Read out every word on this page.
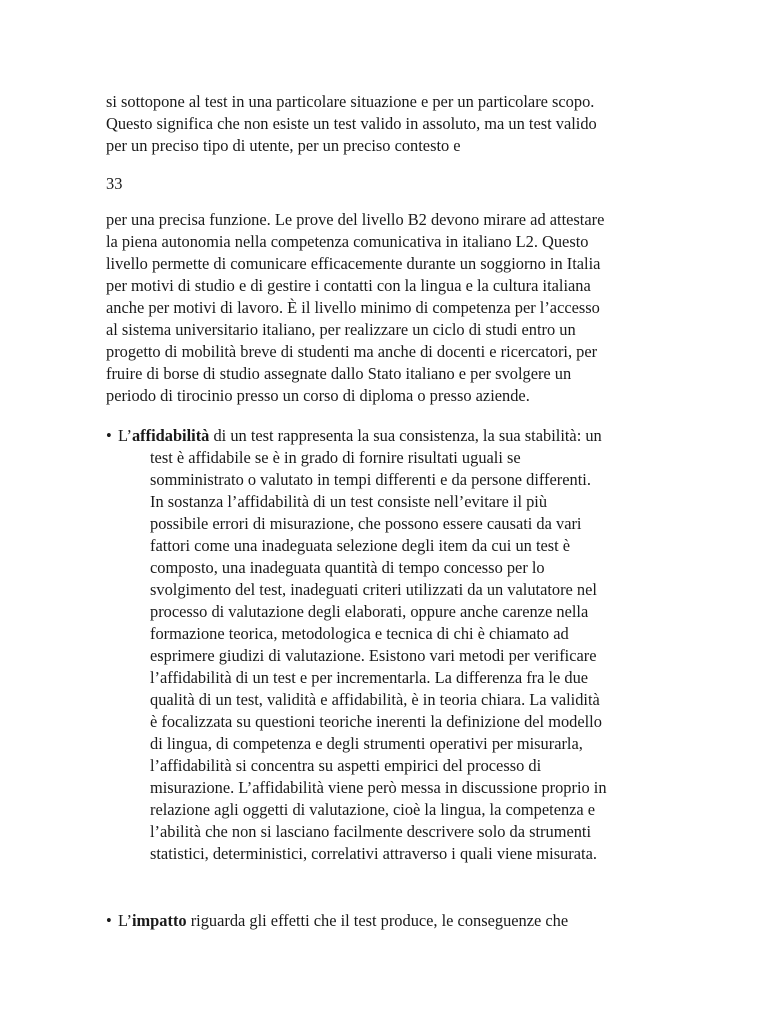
si sottopone al test in una particolare situazione e per un particolare scopo.
Questo significa che non esiste un test valido in assoluto, ma un test valido
per un preciso tipo di utente, per un preciso contesto e
33
per una precisa funzione. Le prove del livello B2 devono mirare ad attestare
la piena autonomia nella competenza comunicativa in italiano L2. Questo
livello permette di comunicare efficacemente durante un soggiorno in Italia
per motivi di studio e di gestire i contatti con la lingua e la cultura italiana
anche per motivi di lavoro. È il livello minimo di competenza per l’accesso
al sistema universitario italiano, per realizzare un ciclo di studi entro un
progetto di mobilità breve di studenti ma anche di docenti e ricercatori, per
fruire di borse di studio assegnate dallo Stato italiano e per svolgere un
periodo di tirocinio presso un corso di diploma o presso aziende.
• L’affidabilità di un test rappresenta la sua consistenza, la sua stabilità: un
test è affidabile se è in grado di fornire risultati uguali se
somministrato o valutato in tempi differenti e da persone differenti.
In sostanza l’affidabilità di un test consiste nell’evitare il più
possibile errori di misurazione, che possono essere causati da vari
fattori come una inadeguata selezione degli item da cui un test è
composto, una inadeguata quantità di tempo concesso per lo
svolgimento del test, inadeguati criteri utilizzati da un valutatore nel
processo di valutazione degli elaborati, oppure anche carenze nella
formazione teorica, metodologica e tecnica di chi è chiamato ad
esprimere giudizi di valutazione. Esistono vari metodi per verificare
l’affidabilità di un test e per incrementarla. La differenza fra le due
qualità di un test, validità e affidabilità, è in teoria chiara. La validità
è focalizzata su questioni teoriche inerenti la definizione del modello
di lingua, di competenza e degli strumenti operativi per misurarla,
l’affidabilità si concentra su aspetti empirici del processo di
misurazione. L’affidabilità viene però messa in discussione proprio in
relazione agli oggetti di valutazione, cioè la lingua, la competenza e
l’abilità che non si lasciano facilmente descrivere solo da strumenti
statistici, deterministici, correlativi attraverso i quali viene misurata.
• L’impatto riguarda gli effetti che il test produce, le conseguenze che
